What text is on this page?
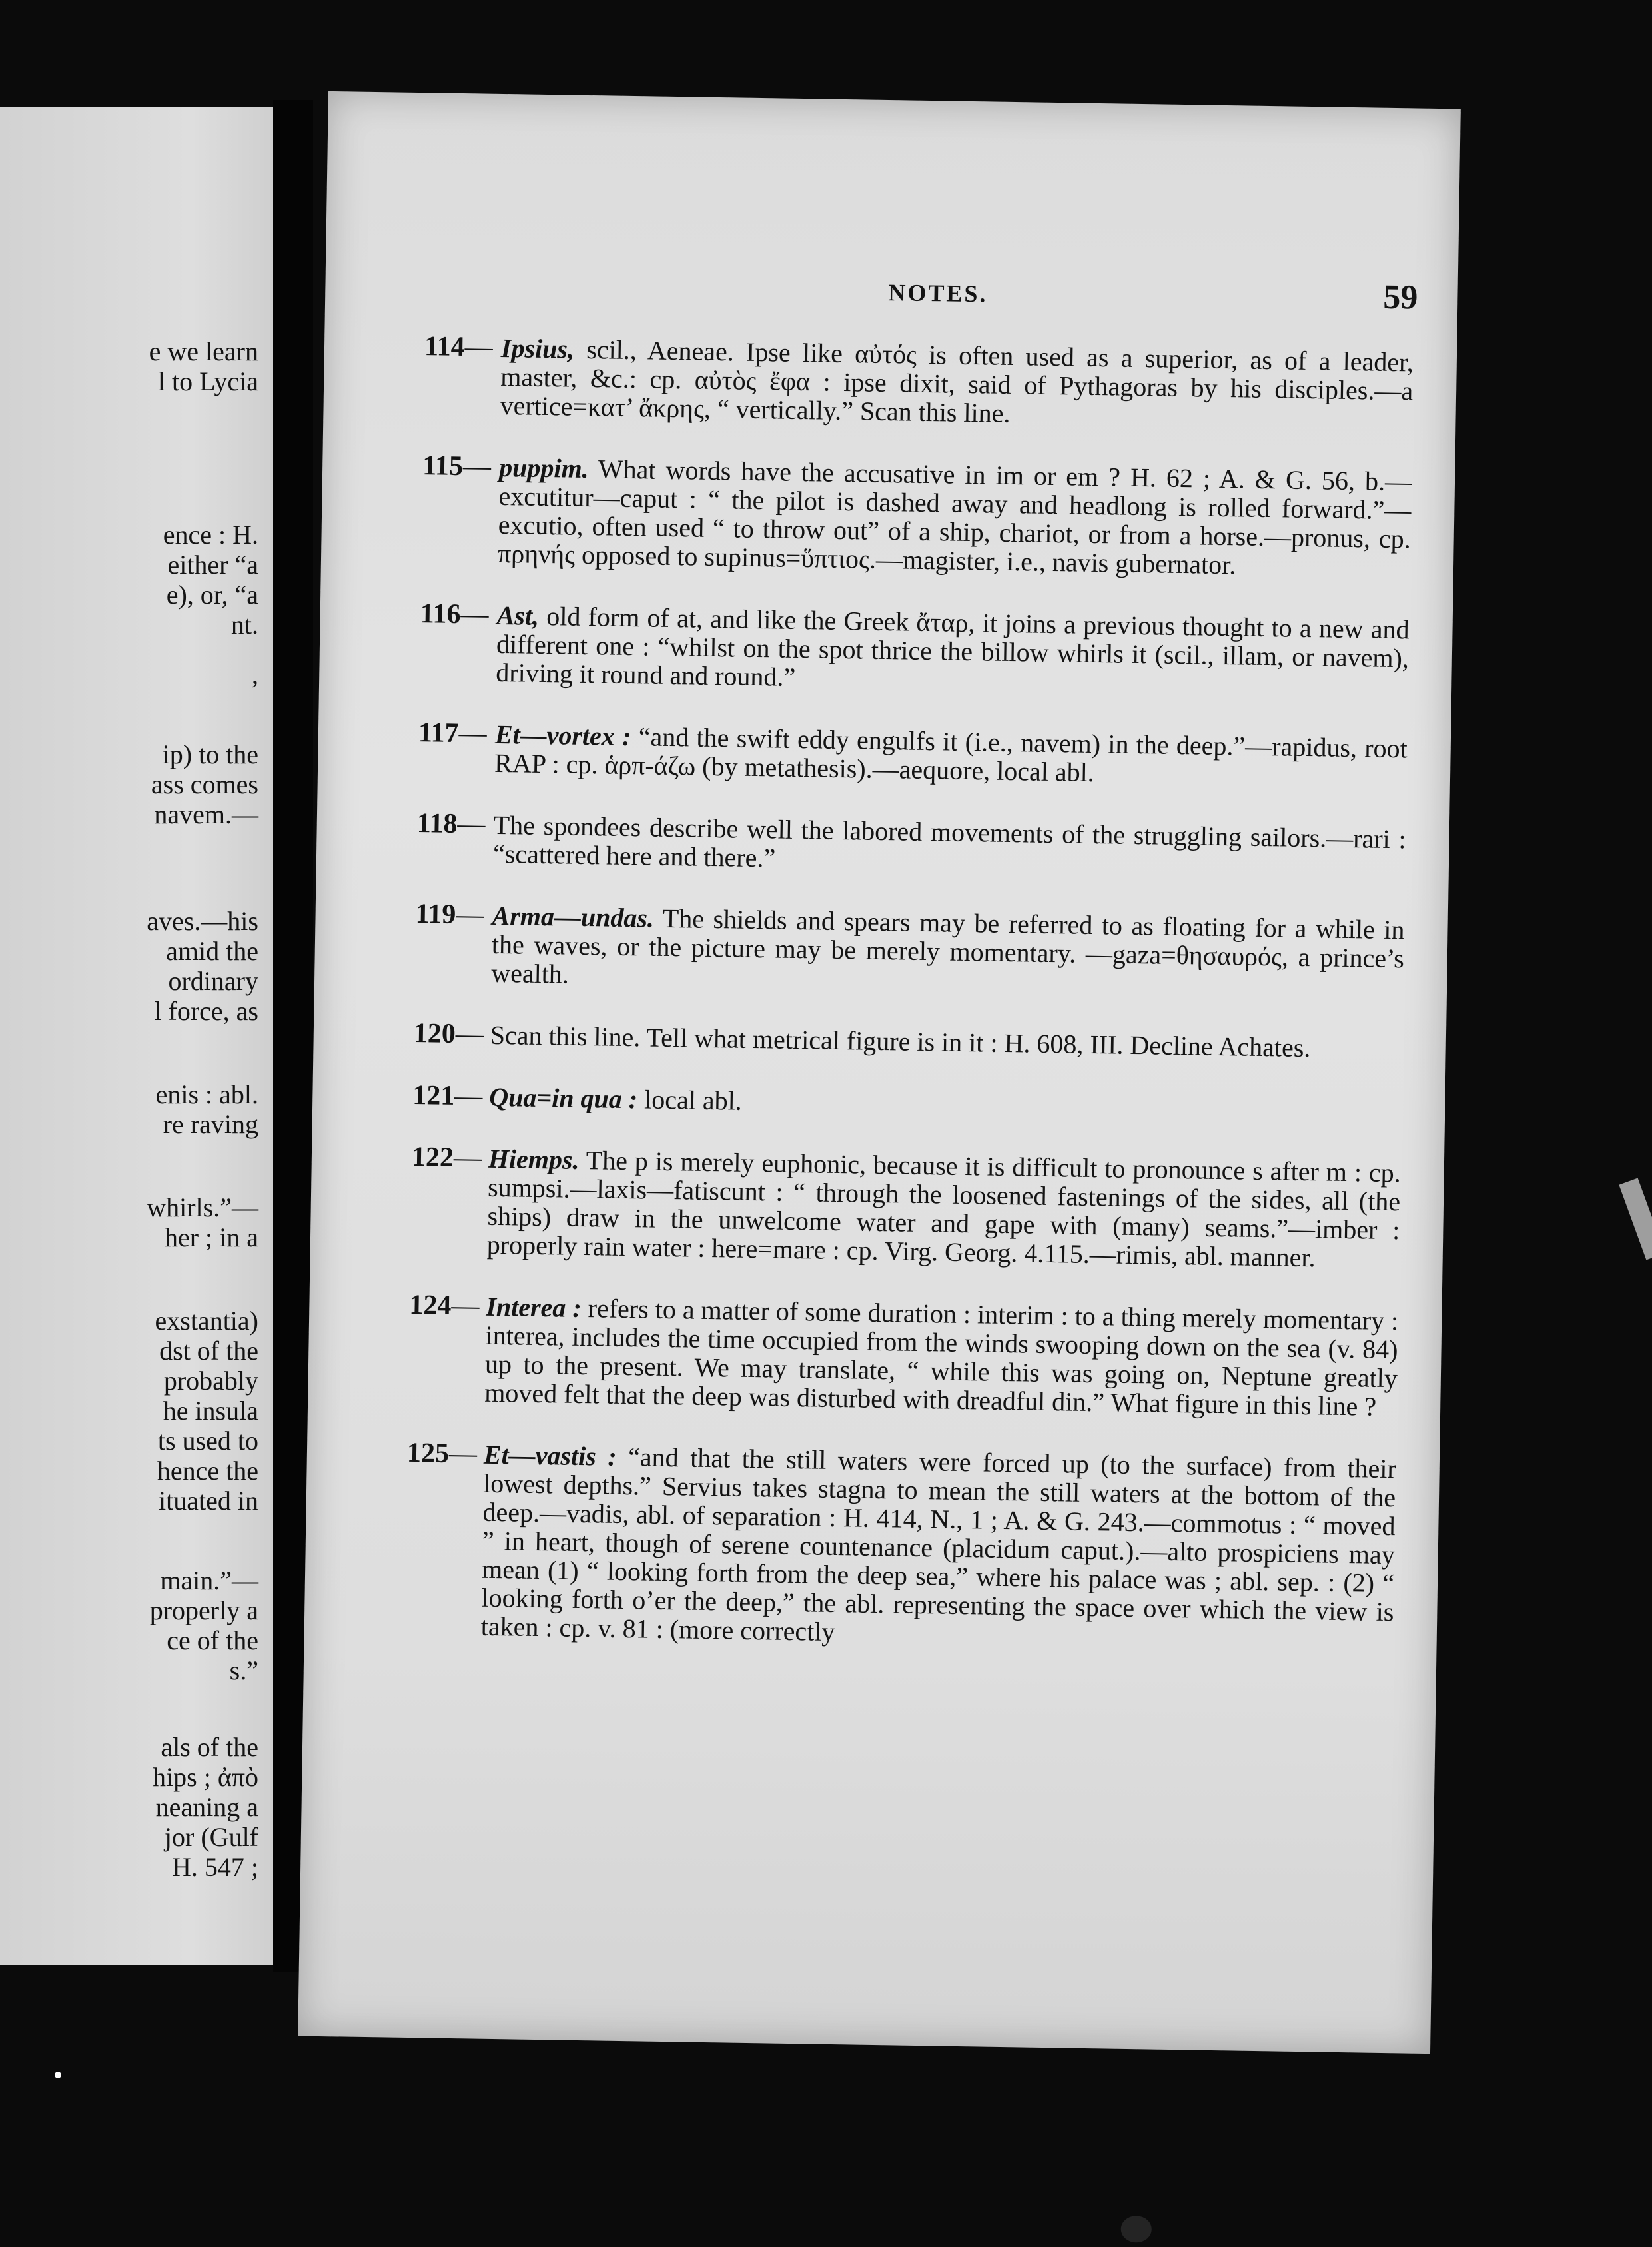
e we learn
l to Lycia
ence : H.
either “a
e), or, “a
nt.
,
ip) to the
ass comes
navem.—
aves.—his
amid the
ordinary
l force, as
enis : abl.
re raving
whirls.”—
her ; in a
exstantia)
dst of the
probably
he insula
ts used to
hence the
ituated in
main.”—
properly a
ce of the
s.”
als of the
hips ; ἀπὸ
neaning a
jor (Gulf
H. 547 ;
NOTES.	59
114 —	Ipsius, scil., Aeneae. Ipse like αὐτός is often used as a superior, as of a leader, master, &c.: cp. αὐτὸς ἔφα : ipse dixit, said of Pythagoras by his disciples.—a vertice=κατ’ ἄκρης, “ vertically.” Scan this line.
115 —	puppim. What words have the accusative in im or em ? H. 62 ; A. & G. 56, b.—excutitur—caput : “ the pilot is dashed away and headlong is rolled forward.”—excutio, often used “ to throw out” of a ship, chariot, or from a horse.—pronus, cp. πρηνής opposed to supinus=ὕπτιος.—magister, i.e., navis gubernator.
116 —	Ast, old form of at, and like the Greek ἄταρ, it joins a previous thought to a new and different one : “whilst on the spot thrice the billow whirls it (scil., illam, or navem), driving it round and round.”
117 —	Et—vortex : “and the swift eddy engulfs it (i.e., navem) in the deep.”—rapidus, root RAP : cp. ἁρπ-άζω (by metathesis).—aequore, local abl.
118 —	The spondees describe well the labored movements of the struggling sailors.—rari : “scattered here and there.”
119 —	Arma—undas. The shields and spears may be referred to as floating for a while in the waves, or the picture may be merely momentary. —gaza=θησαυρός, a prince’s wealth.
120 —	Scan this line. Tell what metrical figure is in it : H. 608, III. Decline Achates.
121 —	Qua=in qua : local abl.
122 —	Hiemps. The p is merely euphonic, because it is difficult to pronounce s after m : cp. sumpsi.—laxis—fatiscunt : “ through the loosened fastenings of the sides, all (the ships) draw in the unwelcome water and gape with (many) seams.”—imber : properly rain water : here=mare : cp. Virg. Georg. 4.115.—rimis, abl. manner.
124 —	Interea : refers to a matter of some duration : interim : to a thing merely momentary : interea, includes the time occupied from the winds swooping down on the sea (v. 84) up to the present. We may translate, “ while this was going on, Neptune greatly moved felt that the deep was disturbed with dreadful din.” What figure in this line ?
125 —	Et—vastis : “and that the still waters were forced up (to the surface) from their lowest depths.” Servius takes stagna to mean the still waters at the bottom of the deep.—vadis, abl. of separation : H. 414, N., 1 ; A. & G. 243.—commotus : “ moved ” in heart, though of serene countenance (placidum caput.).—alto prospiciens may mean (1) “ looking forth from the deep sea,” where his palace was ; abl. sep. : (2) “ looking forth o’er the deep,” the abl. representing the space over which the view is taken : cp. v. 81 : (more correctly
